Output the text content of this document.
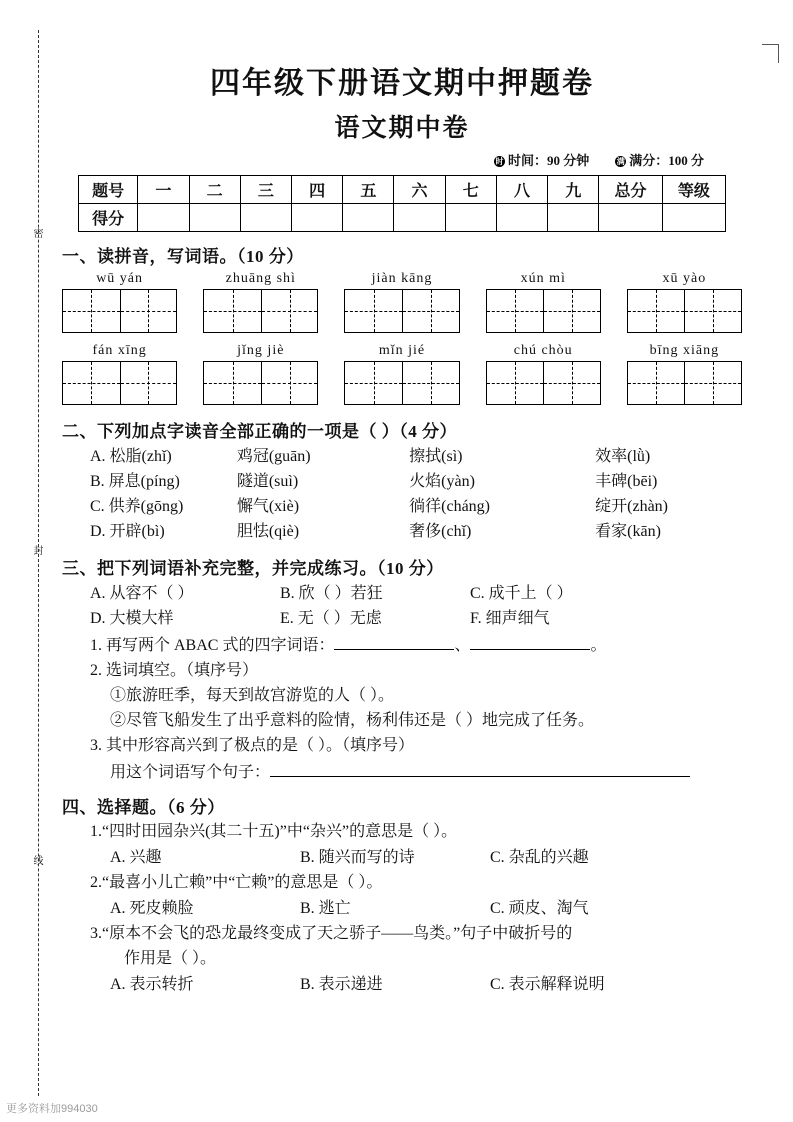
密
封
线
四年级下册语文期中押题卷
语文期中卷
时 时间：90 分钟	满 满分：100 分
题号	一	二	三	四	五	六	七	八	九	总分	等级
得分											
一、读拼音，写词语。（10 分）
wū yán	zhuāng shì	jiàn kāng	xún mì	xū yào
fán xīng	jǐng jiè	mǐn jié	chú chòu	bīng xiāng
二、下列加点字读音全部正确的一项是（ ）（4 分）
A. 松脂(zhǐ)	鸡冠(guān)	擦拭(sì)	效率(lǜ)
B. 屏息(píng)	隧道(suì)	火焰(yàn)	丰碑(bēi)
C. 供养(gōng)	懈气(xiè)	徜徉(cháng)	绽开(zhàn)
D. 开辟(bì)	胆怯(qiè)	奢侈(chǐ)	看家(kān)
三、把下列词语补充完整，并完成练习。（10 分）
A. 从容不（ ）	B. 欣（ ）若狂	C. 成千上（ ）
D. 大模大样	E. 无（ ）无虑	F. 细声细气
1. 再写两个 ABAC 式的四字词语：	、	。
2. 选词填空。（填序号）
①旅游旺季，每天到故宫游览的人（ ）。
②尽管飞船发生了出乎意料的险情，杨利伟还是（ ）地完成了任务。
3. 其中形容高兴到了极点的是（ ）。（填序号）
用这个词语写个句子：
四、选择题。（6 分）
1.“四时田园杂兴(其二十五)”中“杂兴”的意思是（ ）。
A. 兴趣	B. 随兴而写的诗	C. 杂乱的兴趣
2.“最喜小儿亡赖”中“亡赖”的意思是（ ）。
A. 死皮赖脸	B. 逃亡	C. 顽皮、淘气
3.“原本不会飞的恐龙最终变成了天之骄子——鸟类。”句子中破折号的
作用是（ ）。
A. 表示转折	B. 表示递进	C. 表示解释说明
更多资料加994030
